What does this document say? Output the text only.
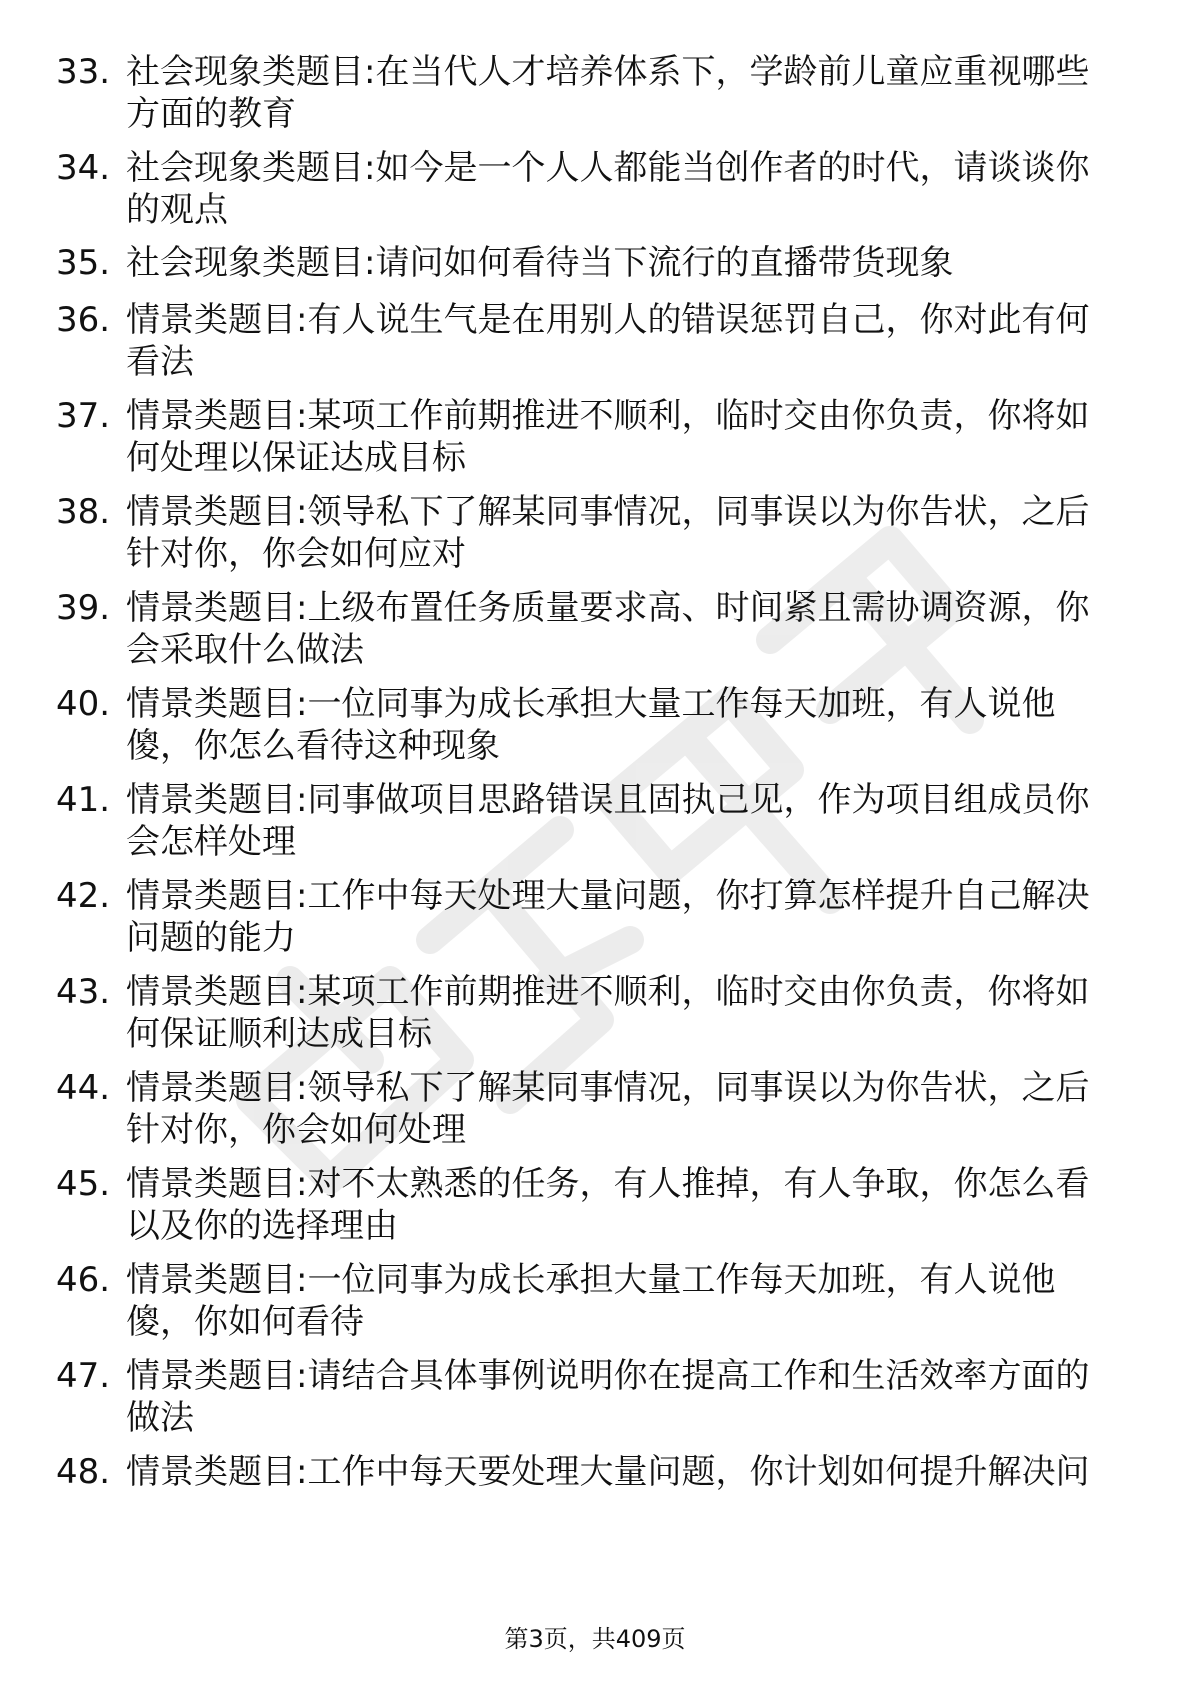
33. 社会现象类题目:在当代人才培养体系下，学龄前儿童应重视哪些
方面的教育
34. 社会现象类题目:如今是一个人人都能当创作者的时代，请谈谈你
的观点
35. 社会现象类题目:请问如何看待当下流行的直播带货现象
36. 情景类题目:有人说生气是在用别人的错误惩罚自己，你对此有何
看法
37. 情景类题目:某项工作前期推进不顺利，临时交由你负责，你将如
何处理以保证达成目标
38. 情景类题目:领导私下了解某同事情况，同事误以为你告状，之后
针对你，你会如何应对
39. 情景类题目:上级布置任务质量要求高、时间紧且需协调资源，你
会采取什么做法
40. 情景类题目:一位同事为成长承担大量工作每天加班，有人说他
傻，你怎么看待这种现象
41. 情景类题目:同事做项目思路错误且固执己见，作为项目组成员你
会怎样处理
42. 情景类题目:工作中每天处理大量问题，你打算怎样提升自己解决
问题的能力
43. 情景类题目:某项工作前期推进不顺利，临时交由你负责，你将如
何保证顺利达成目标
44. 情景类题目:领导私下了解某同事情况，同事误以为你告状，之后
针对你，你会如何处理
45. 情景类题目:对不太熟悉的任务，有人推掉，有人争取，你怎么看
以及你的选择理由
46. 情景类题目:一位同事为成长承担大量工作每天加班，有人说他
傻，你如何看待
47. 情景类题目:请结合具体事例说明你在提高工作和生活效率方面的
做法
48. 情景类题目:工作中每天要处理大量问题，你计划如何提升解决问
第3页，共409页
